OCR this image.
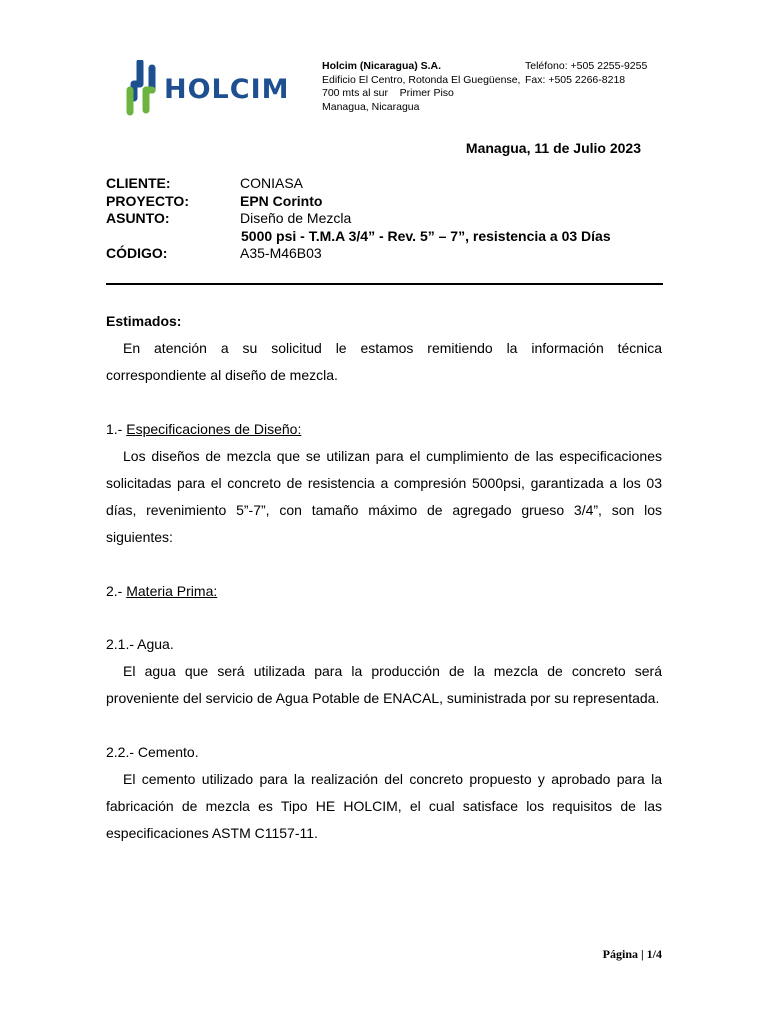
HOLCIM
Holcim (Nicaragua) S.A.
Edificio El Centro, Rotonda El Guegüense,
700 mts al sur    Primer Piso
Managua, Nicaragua
Teléfono: +505 2255-9255
Fax: +505 2266-8218
Managua, 11 de Julio 2023
CLIENTE:	CONIASA
PROYECTO:	EPN Corinto
ASUNTO:	Diseño de Mezcla
5000 psi - T.M.A 3/4” - Rev. 5” – 7”, resistencia a 03 Días
CÓDIGO:	A35-M46B03

Estimados:

En atención a su solicitud le estamos remitiendo la información técnica correspondiente al diseño de mezcla.

1.- Especificaciones de Diseño:

Los diseños de mezcla que se utilizan para el cumplimiento de las especificaciones solicitadas para el concreto de resistencia a compresión 5000psi, garantizada a los 03 días, revenimiento 5”-7”, con tamaño máximo de agregado grueso 3/4”, son los siguientes:

2.- Materia Prima:

2.1.- Agua.

El agua que será utilizada para la producción de la mezcla de concreto será proveniente del servicio de Agua Potable de ENACAL, suministrada por su representada.

2.2.- Cemento.

El cemento utilizado para la realización del concreto propuesto y aprobado para la fabricación de mezcla es Tipo HE HOLCIM, el cual satisface los requisitos de las especificaciones ASTM C1157-11.

Página | 1/4
